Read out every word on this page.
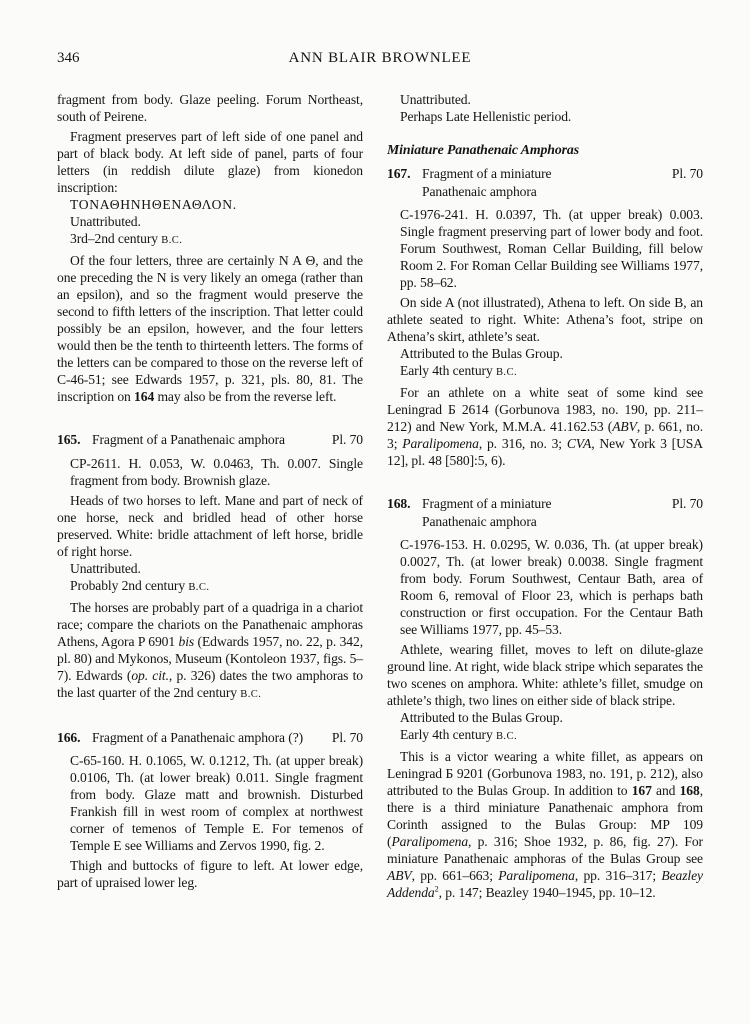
346	ANN BLAIR BROWNLEE

fragment from body. Glaze peeling. Forum Northeast, south of Peirene.

Fragment preserves part of left side of one panel and part of black body. At left side of panel, parts of four letters (in reddish dilute glaze) from kionedon inscription:

ΤΟΝΑΘΗΝΗΘΕΝΑΘΛΟΝ.

Unattributed.

3rd–2nd century B.C.

Of the four letters, three are certainly N A Θ, and the one preceding the N is very likely an omega (rather than an epsilon), and so the fragment would preserve the second to fifth letters of the inscription. That letter could possibly be an epsilon, however, and the four letters would then be the tenth to thirteenth letters. The forms of the letters can be compared to those on the reverse left of C-46-51; see Edwards 1957, p. 321, pls. 80, 81. The inscription on 164 may also be from the reverse left.

165. Fragment of a Panathenaic amphora	Pl. 70

CP-2611. H. 0.053, W. 0.0463, Th. 0.007. Single fragment from body. Brownish glaze.

Heads of two horses to left. Mane and part of neck of one horse, neck and bridled head of other horse preserved. White: bridle attachment of left horse, bridle of right horse.

Unattributed.

Probably 2nd century B.C.

The horses are probably part of a quadriga in a chariot race; compare the chariots on the Panathenaic amphoras Athens, Agora P 6901 bis (Edwards 1957, no. 22, p. 342, pl. 80) and Mykonos, Museum (Kontoleon 1937, figs. 5–7). Edwards (op. cit., p. 326) dates the two amphoras to the last quarter of the 2nd century B.C.

166. Fragment of a Panathenaic amphora (?)	Pl. 70

C-65-160. H. 0.1065, W. 0.1212, Th. (at upper break) 0.0106, Th. (at lower break) 0.011. Single fragment from body. Glaze matt and brownish. Disturbed Frankish fill in west room of complex at northwest corner of temenos of Temple E. For temenos of Temple E see Williams and Zervos 1990, fig. 2.

Thigh and buttocks of figure to left. At lower edge, part of upraised lower leg.

Unattributed.

Perhaps Late Hellenistic period.

Miniature Panathenaic Amphoras

167. Fragment of a miniature
Panathenaic amphora
Pl. 70

C-1976-241. H. 0.0397, Th. (at upper break) 0.003. Single fragment preserving part of lower body and foot. Forum Southwest, Roman Cellar Building, fill below Room 2. For Roman Cellar Building see Williams 1977, pp. 58–62.

On side A (not illustrated), Athena to left. On side B, an athlete seated to right. White: Athena’s foot, stripe on Athena’s skirt, athlete’s seat.

Attributed to the Bulas Group.

Early 4th century B.C.

For an athlete on a white seat of some kind see Leningrad Б 2614 (Gorbunova 1983, no. 190, pp. 211–212) and New York, M.M.A. 41.162.53 (ABV, p. 661, no. 3; Paralipomena, p. 316, no. 3; CVA, New York 3 [USA 12], pl. 48 [580]:5, 6).

168. Fragment of a miniature
Panathenaic amphora
Pl. 70

C-1976-153. H. 0.0295, W. 0.036, Th. (at upper break) 0.0027, Th. (at lower break) 0.0038. Single fragment from body. Forum Southwest, Centaur Bath, area of Room 6, removal of Floor 23, which is perhaps bath construction or first occupation. For the Centaur Bath see Williams 1977, pp. 45–53.

Athlete, wearing fillet, moves to left on dilute-glaze ground line. At right, wide black stripe which separates the two scenes on amphora. White: athlete’s fillet, smudge on athlete’s thigh, two lines on either side of black stripe.

Attributed to the Bulas Group.

Early 4th century B.C.

This is a victor wearing a white fillet, as appears on Leningrad Б 9201 (Gorbunova 1983, no. 191, p. 212), also attributed to the Bulas Group. In addition to 167 and 168, there is a third miniature Panathenaic amphora from Corinth assigned to the Bulas Group: MP 109 (Paralipomena, p. 316; Shoe 1932, p. 86, fig. 27). For miniature Panathenaic amphoras of the Bulas Group see ABV, pp. 661–663; Paralipomena, pp. 316–317; Beazley Addenda$^2$, p. 147; Beazley 1940–1945, pp. 10–12.
